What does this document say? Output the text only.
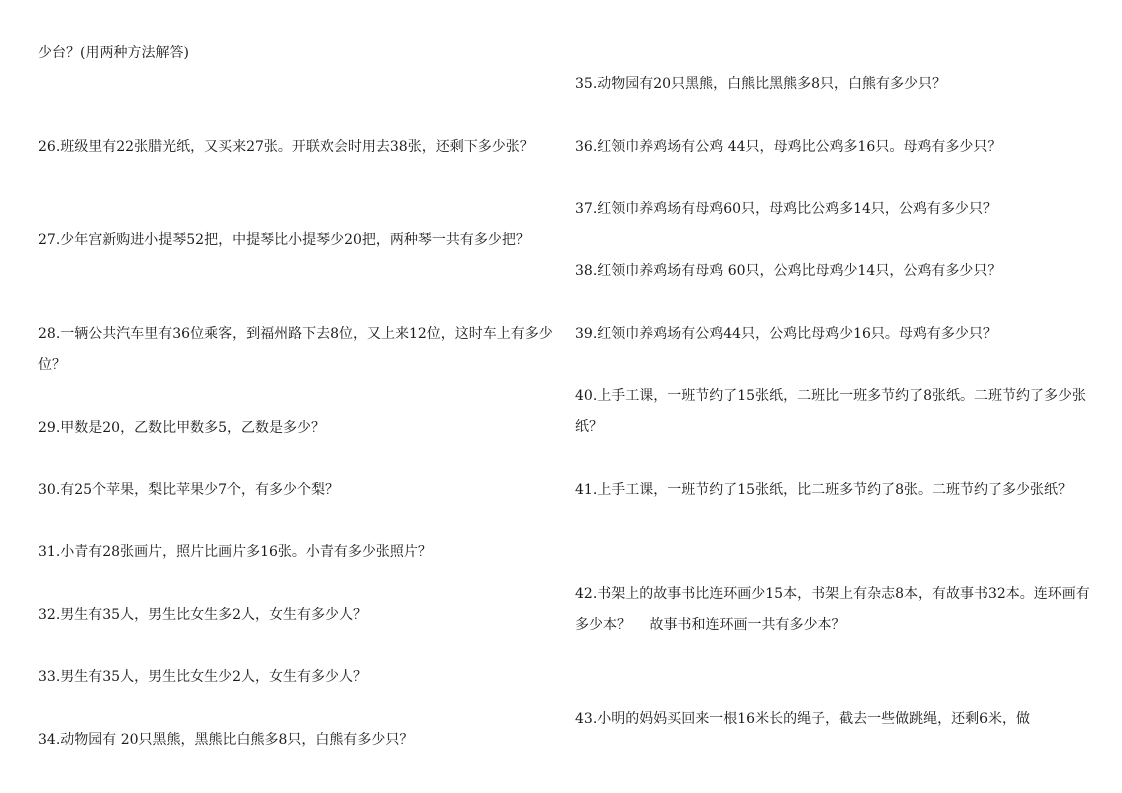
少台？(用两种方法解答)
26.班级里有22张腊光纸，又买来27张。开联欢会时用去38张，还剩下多少张？
27.少年宫新购进小提琴52把，中提琴比小提琴少20把，两种琴一共有多少把？
28.一辆公共汽车里有36位乘客，到福州路下去8位，又上来12位，这时车上有多少位？
29.甲数是20，乙数比甲数多5，乙数是多少？
30.有25个苹果，梨比苹果少7个，有多少个梨？
31.小青有28张画片，照片比画片多16张。小青有多少张照片？
32.男生有35人，男生比女生多2人，女生有多少人？
33.男生有35人，男生比女生少2人，女生有多少人？
34.动物园有 20只黑熊，黑熊比白熊多8只，白熊有多少只？
35.动物园有20只黑熊，白熊比黑熊多8只，白熊有多少只？
36.红领巾养鸡场有公鸡 44只，母鸡比公鸡多16只。母鸡有多少只？
37.红领巾养鸡场有母鸡60只，母鸡比公鸡多14只，公鸡有多少只？
38.红领巾养鸡场有母鸡 60只，公鸡比母鸡少14只，公鸡有多少只？
39.红领巾养鸡场有公鸡44只，公鸡比母鸡少16只。母鸡有多少只？
40.上手工课，一班节约了15张纸，二班比一班多节约了8张纸。二班节约了多少张纸？
41.上手工课，一班节约了15张纸，比二班多节约了8张。二班节约了多少张纸？
42.书架上的故事书比连环画少15本，书架上有杂志8本，有故事书32本。连环画有多少本？　 故事书和连环画一共有多少本？
43.小明的妈妈买回来一根16米长的绳子，截去一些做跳绳，还剩6米，做
